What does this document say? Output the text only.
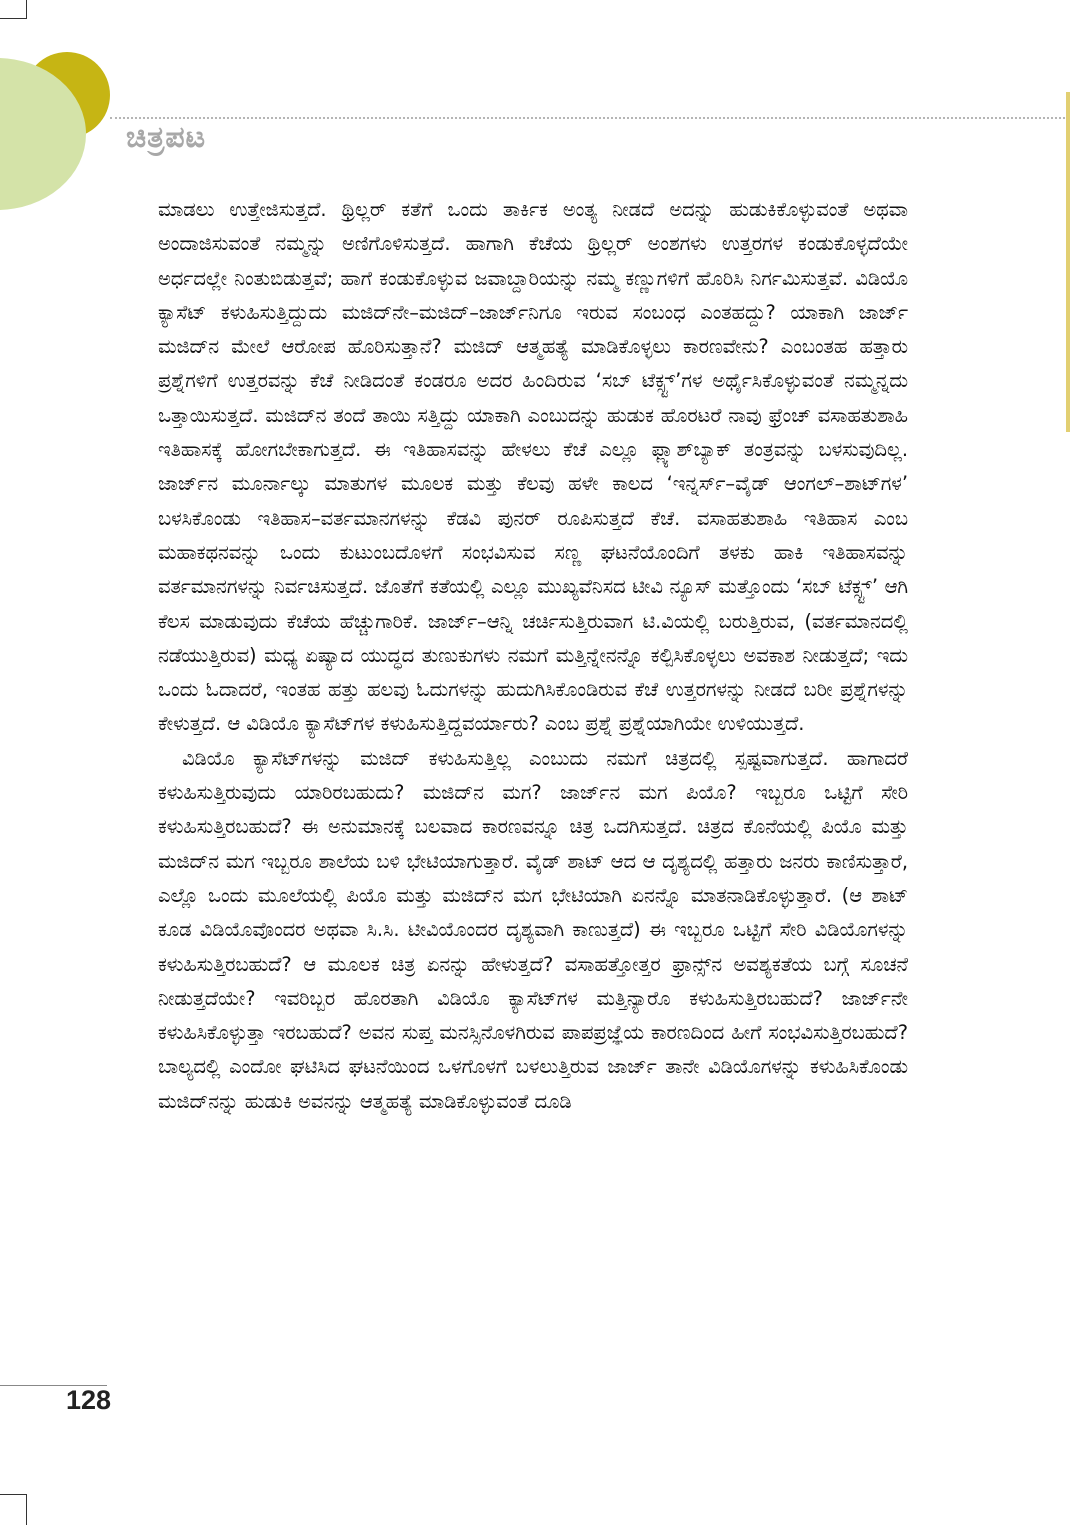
ಚಿತ್ರಪಟ

ಮಾಡಲು ಉತ್ತೇಜಿಸುತ್ತದೆ. ಥ್ರಿಲ್ಲರ್ ಕತೆಗೆ ಒಂದು ತಾರ್ಕಿಕ ಅಂತ್ಯ ನೀಡದೆ ಅದನ್ನು ಹುಡುಕಿಕೊಳ್ಳುವಂತೆ ಅಥವಾ ಅಂದಾಜಿಸುವಂತೆ ನಮ್ಮನ್ನು ಅಣಿಗೊಳಿಸುತ್ತದೆ. ಹಾಗಾಗಿ ಕೆಚೆಯ ಥ್ರಿಲ್ಲರ್ ಅಂಶಗಳು ಉತ್ತರಗಳ ಕಂಡುಕೊಳ್ಳದೆಯೇ ಅರ್ಧದಲ್ಲೇ ನಿಂತುಬಿಡುತ್ತವೆ; ಹಾಗೆ ಕಂಡುಕೊಳ್ಳುವ ಜವಾಬ್ದಾರಿಯನ್ನು ನಮ್ಮ ಕಣ್ಣುಗಳಿಗೆ ಹೊರಿಸಿ ನಿರ್ಗಮಿಸುತ್ತವೆ. ವಿಡಿಯೊ ಕ್ಯಾಸೆಟ್ ಕಳುಹಿಸುತ್ತಿದ್ದುದು ಮಜಿದ್‌ನೇ–ಮಜಿದ್–ಜಾರ್ಜ್‌ನಿಗೂ ಇರುವ ಸಂಬಂಧ ಎಂತಹದ್ದು? ಯಾಕಾಗಿ ಜಾರ್ಜ್ ಮಜಿದ್‌ನ ಮೇಲೆ ಆರೋಪ ಹೊರಿಸುತ್ತಾನೆ? ಮಜಿದ್ ಆತ್ಮಹತ್ಯೆ ಮಾಡಿಕೊಳ್ಳಲು ಕಾರಣವೇನು? ಎಂಬಂತಹ ಹತ್ತಾರು ಪ್ರಶ್ನೆಗಳಿಗೆ ಉತ್ತರವನ್ನು ಕೆಚೆ ನೀಡಿದಂತೆ ಕಂಡರೂ ಅದರ ಹಿಂದಿರುವ ‘ಸಬ್ ಟೆಕ್ಸ್ಟ್’ಗಳ ಅರ್ಥೈಸಿಕೊಳ್ಳುವಂತೆ ನಮ್ಮನ್ನದು ಒತ್ತಾಯಿಸುತ್ತದೆ. ಮಜಿದ್‌ನ ತಂದೆ ತಾಯಿ ಸತ್ತಿದ್ದು ಯಾಕಾಗಿ ಎಂಬುದನ್ನು ಹುಡುಕ ಹೊರಟರೆ ನಾವು ಫ್ರೆಂಚ್ ವಸಾಹತುಶಾಹಿ ಇತಿಹಾಸಕ್ಕೆ ಹೋಗಬೇಕಾಗುತ್ತದೆ. ಈ ಇತಿಹಾಸವನ್ನು ಹೇಳಲು ಕೆಚೆ ಎಲ್ಲೂ ಫ್ಲ್ಯಾಶ್‌ಬ್ಯಾಕ್ ತಂತ್ರವನ್ನು ಬಳಸುವುದಿಲ್ಲ. ಜಾರ್ಜ್‌ನ ಮೂರ್ನಾಲ್ಕು ಮಾತುಗಳ ಮೂಲಕ ಮತ್ತು ಕೆಲವು ಹಳೇ ಕಾಲದ ‘ಇನ್ನರ್ಸ್–ವೈಡ್ ಆಂಗಲ್–ಶಾಟ್‌ಗಳ’ ಬಳಸಿಕೊಂಡು ಇತಿಹಾಸ–ವರ್ತಮಾನಗಳನ್ನು ಕೆಡವಿ ಪುನರ್ ರೂಪಿಸುತ್ತದೆ ಕೆಚೆ. ವಸಾಹತುಶಾಹಿ ಇತಿಹಾಸ ಎಂಬ ಮಹಾಕಥನವನ್ನು ಒಂದು ಕುಟುಂಬದೊಳಗೆ ಸಂಭವಿಸುವ ಸಣ್ಣ ಘಟನೆಯೊಂದಿಗೆ ತಳಕು ಹಾಕಿ ಇತಿಹಾಸವನ್ನು ವರ್ತಮಾನಗಳನ್ನು ನಿರ್ವಚಿಸುತ್ತದೆ. ಜೊತೆಗೆ ಕತೆಯಲ್ಲಿ ಎಲ್ಲೂ ಮುಖ್ಯವೆನಿಸದ ಟೀವಿ ನ್ಯೂಸ್ ಮತ್ತೊಂದು ‘ಸಬ್ ಟೆಕ್ಸ್ಟ್’ ಆಗಿ ಕೆಲಸ ಮಾಡುವುದು ಕೆಚೆಯ ಹೆಚ್ಚುಗಾರಿಕೆ. ಜಾರ್ಜ್–ಆನ್ನಿ ಚರ್ಚಿಸುತ್ತಿರುವಾಗ ಟಿ.ವಿಯಲ್ಲಿ ಬರುತ್ತಿರುವ, (ವರ್ತಮಾನದಲ್ಲಿ ನಡೆಯುತ್ತಿರುವ) ಮಧ್ಯ ಏಷ್ಯಾದ ಯುದ್ಧದ ತುಣುಕುಗಳು ನಮಗೆ ಮತ್ತಿನ್ನೇನನ್ನೊ ಕಲ್ಪಿಸಿಕೊಳ್ಳಲು ಅವಕಾಶ ನೀಡುತ್ತದೆ; ಇದು ಒಂದು ಓದಾದರೆ, ಇಂತಹ ಹತ್ತು ಹಲವು ಓದುಗಳನ್ನು ಹುದುಗಿಸಿಕೊಂಡಿರುವ ಕೆಚೆ ಉತ್ತರಗಳನ್ನು ನೀಡದೆ ಬರೀ ಪ್ರಶ್ನೆಗಳನ್ನು ಕೇಳುತ್ತದೆ. ಆ ವಿಡಿಯೊ ಕ್ಯಾಸೆಟ್‌ಗಳ ಕಳುಹಿಸುತ್ತಿದ್ದವರ್ಯಾರು? ಎಂಬ ಪ್ರಶ್ನೆ ಪ್ರಶ್ನೆಯಾಗಿಯೇ ಉಳಿಯುತ್ತದೆ.

ವಿಡಿಯೊ ಕ್ಯಾಸೆಟ್‌ಗಳನ್ನು ಮಜಿದ್ ಕಳುಹಿಸುತ್ತಿಲ್ಲ ಎಂಬುದು ನಮಗೆ ಚಿತ್ರದಲ್ಲಿ ಸ್ಪಷ್ಟವಾಗುತ್ತದೆ. ಹಾಗಾದರೆ ಕಳುಹಿಸುತ್ತಿರುವುದು ಯಾರಿರಬಹುದು? ಮಜಿದ್‌ನ ಮಗ? ಜಾರ್ಜ್‌ನ ಮಗ ಪಿಯೊ? ಇಬ್ಬರೂ ಒಟ್ಟಿಗೆ ಸೇರಿ ಕಳುಹಿಸುತ್ತಿರಬಹುದೆ? ಈ ಅನುಮಾನಕ್ಕೆ ಬಲವಾದ ಕಾರಣವನ್ನೂ ಚಿತ್ರ ಒದಗಿಸುತ್ತದೆ. ಚಿತ್ರದ ಕೊನೆಯಲ್ಲಿ ಪಿಯೊ ಮತ್ತು ಮಜಿದ್‌ನ ಮಗ ಇಬ್ಬರೂ ಶಾಲೆಯ ಬಳಿ ಭೇಟಿಯಾಗುತ್ತಾರೆ. ವೈಡ್ ಶಾಟ್ ಆದ ಆ ದೃಶ್ಯದಲ್ಲಿ ಹತ್ತಾರು ಜನರು ಕಾಣಿಸುತ್ತಾರೆ, ಎಲ್ಲೊ ಒಂದು ಮೂಲೆಯಲ್ಲಿ ಪಿಯೊ ಮತ್ತು ಮಜಿದ್‌ನ ಮಗ ಭೇಟಿಯಾಗಿ ಏನನ್ನೊ ಮಾತನಾಡಿಕೊಳ್ಳುತ್ತಾರೆ. (ಆ ಶಾಟ್ ಕೂಡ ವಿಡಿಯೊವೊಂದರ ಅಥವಾ ಸಿ.ಸಿ. ಟೀವಿಯೊಂದರ ದೃಶ್ಯವಾಗಿ ಕಾಣುತ್ತದೆ) ಈ ಇಬ್ಬರೂ ಒಟ್ಟಿಗೆ ಸೇರಿ ವಿಡಿಯೊಗಳನ್ನು ಕಳುಹಿಸುತ್ತಿರಬಹುದೆ? ಆ ಮೂಲಕ ಚಿತ್ರ ಏನನ್ನು ಹೇಳುತ್ತದೆ? ವಸಾಹತ್ತೋತ್ತರ ಫ್ರಾನ್ಸ್‌ನ ಅವಶ್ಯಕತೆಯ ಬಗ್ಗೆ ಸೂಚನೆ ನೀಡುತ್ತದೆಯೇ? ಇವರಿಬ್ಬರ ಹೊರತಾಗಿ ವಿಡಿಯೊ ಕ್ಯಾಸೆಟ್‌ಗಳ ಮತ್ತಿನ್ಯಾರೊ ಕಳುಹಿಸುತ್ತಿರಬಹುದೆ? ಜಾರ್ಜ್‌ನೇ ಕಳುಹಿಸಿಕೊಳ್ಳುತ್ತಾ ಇರಬಹುದೆ? ಅವನ ಸುಪ್ತ ಮನಸ್ಸಿನೊಳಗಿರುವ ಪಾಪಪ್ರಜ್ಞೆಯ ಕಾರಣದಿಂದ ಹೀಗೆ ಸಂಭವಿಸುತ್ತಿರಬಹುದೆ? ಬಾಲ್ಯದಲ್ಲಿ ಎಂದೋ ಘಟಿಸಿದ ಘಟನೆಯಿಂದ ಒಳಗೊಳಗೆ ಬಳಲುತ್ತಿರುವ ಜಾರ್ಜ್ ತಾನೇ ವಿಡಿಯೊಗಳನ್ನು ಕಳುಹಿಸಿಕೊಂಡು ಮಜಿದ್‌ನನ್ನು ಹುಡುಕಿ ಅವನನ್ನು ಆತ್ಮಹತ್ಯೆ ಮಾಡಿಕೊಳ್ಳುವಂತೆ ದೂಡಿ

128
